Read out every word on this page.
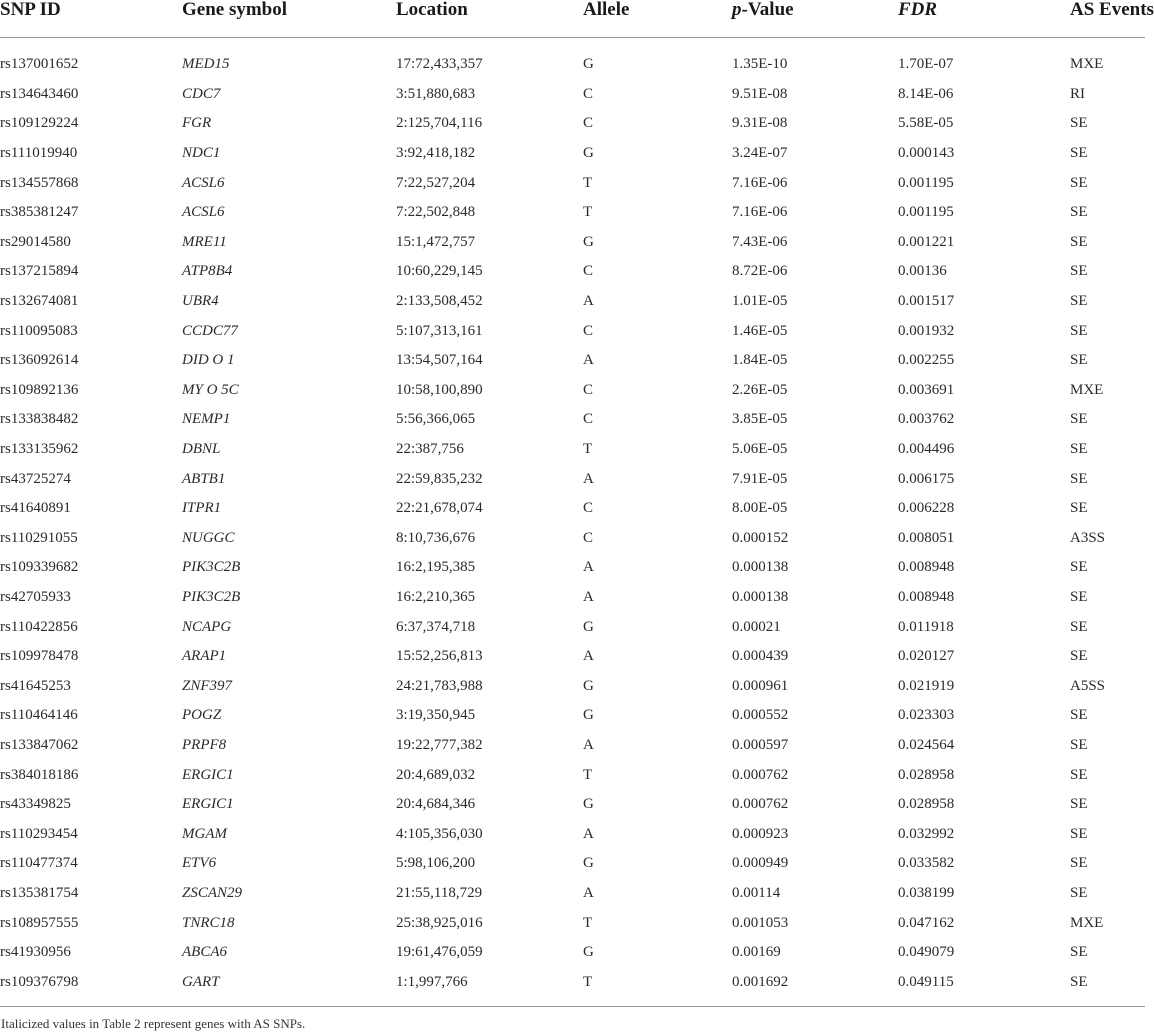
SNP ID	Gene symbol	Location	Allele	p-Value	FDR	AS Events

rs137001652	MED15	17:72,433,357	G	1.35E-10	1.70E-07	MXE
rs134643460	CDC7	3:51,880,683	C	9.51E-08	8.14E-06	RI
rs109129224	FGR	2:125,704,116	C	9.31E-08	5.58E-05	SE
rs111019940	NDC1	3:92,418,182	G	3.24E-07	0.000143	SE
rs134557868	ACSL6	7:22,527,204	T	7.16E-06	0.001195	SE
rs385381247	ACSL6	7:22,502,848	T	7.16E-06	0.001195	SE
rs29014580	MRE11	15:1,472,757	G	7.43E-06	0.001221	SE
rs137215894	ATP8B4	10:60,229,145	C	8.72E-06	0.00136	SE
rs132674081	UBR4	2:133,508,452	A	1.01E-05	0.001517	SE
rs110095083	CCDC77	5:107,313,161	C	1.46E-05	0.001932	SE
rs136092614	DID O 1	13:54,507,164	A	1.84E-05	0.002255	SE
rs109892136	MY O 5C	10:58,100,890	C	2.26E-05	0.003691	MXE
rs133838482	NEMP1	5:56,366,065	C	3.85E-05	0.003762	SE
rs133135962	DBNL	22:387,756	T	5.06E-05	0.004496	SE
rs43725274	ABTB1	22:59,835,232	A	7.91E-05	0.006175	SE
rs41640891	ITPR1	22:21,678,074	C	8.00E-05	0.006228	SE
rs110291055	NUGGC	8:10,736,676	C	0.000152	0.008051	A3SS
rs109339682	PIK3C2B	16:2,195,385	A	0.000138	0.008948	SE
rs42705933	PIK3C2B	16:2,210,365	A	0.000138	0.008948	SE
rs110422856	NCAPG	6:37,374,718	G	0.00021	0.011918	SE
rs109978478	ARAP1	15:52,256,813	A	0.000439	0.020127	SE
rs41645253	ZNF397	24:21,783,988	G	0.000961	0.021919	A5SS
rs110464146	POGZ	3:19,350,945	G	0.000552	0.023303	SE
rs133847062	PRPF8	19:22,777,382	A	0.000597	0.024564	SE
rs384018186	ERGIC1	20:4,689,032	T	0.000762	0.028958	SE
rs43349825	ERGIC1	20:4,684,346	G	0.000762	0.028958	SE
rs110293454	MGAM	4:105,356,030	A	0.000923	0.032992	SE
rs110477374	ETV6	5:98,106,200	G	0.000949	0.033582	SE
rs135381754	ZSCAN29	21:55,118,729	A	0.00114	0.038199	SE
rs108957555	TNRC18	25:38,925,016	T	0.001053	0.047162	MXE
rs41930956	ABCA6	19:61,476,059	G	0.00169	0.049079	SE
rs109376798	GART	1:1,997,766	T	0.001692	0.049115	SE
Italicized values in Table 2 represent genes with AS SNPs.
